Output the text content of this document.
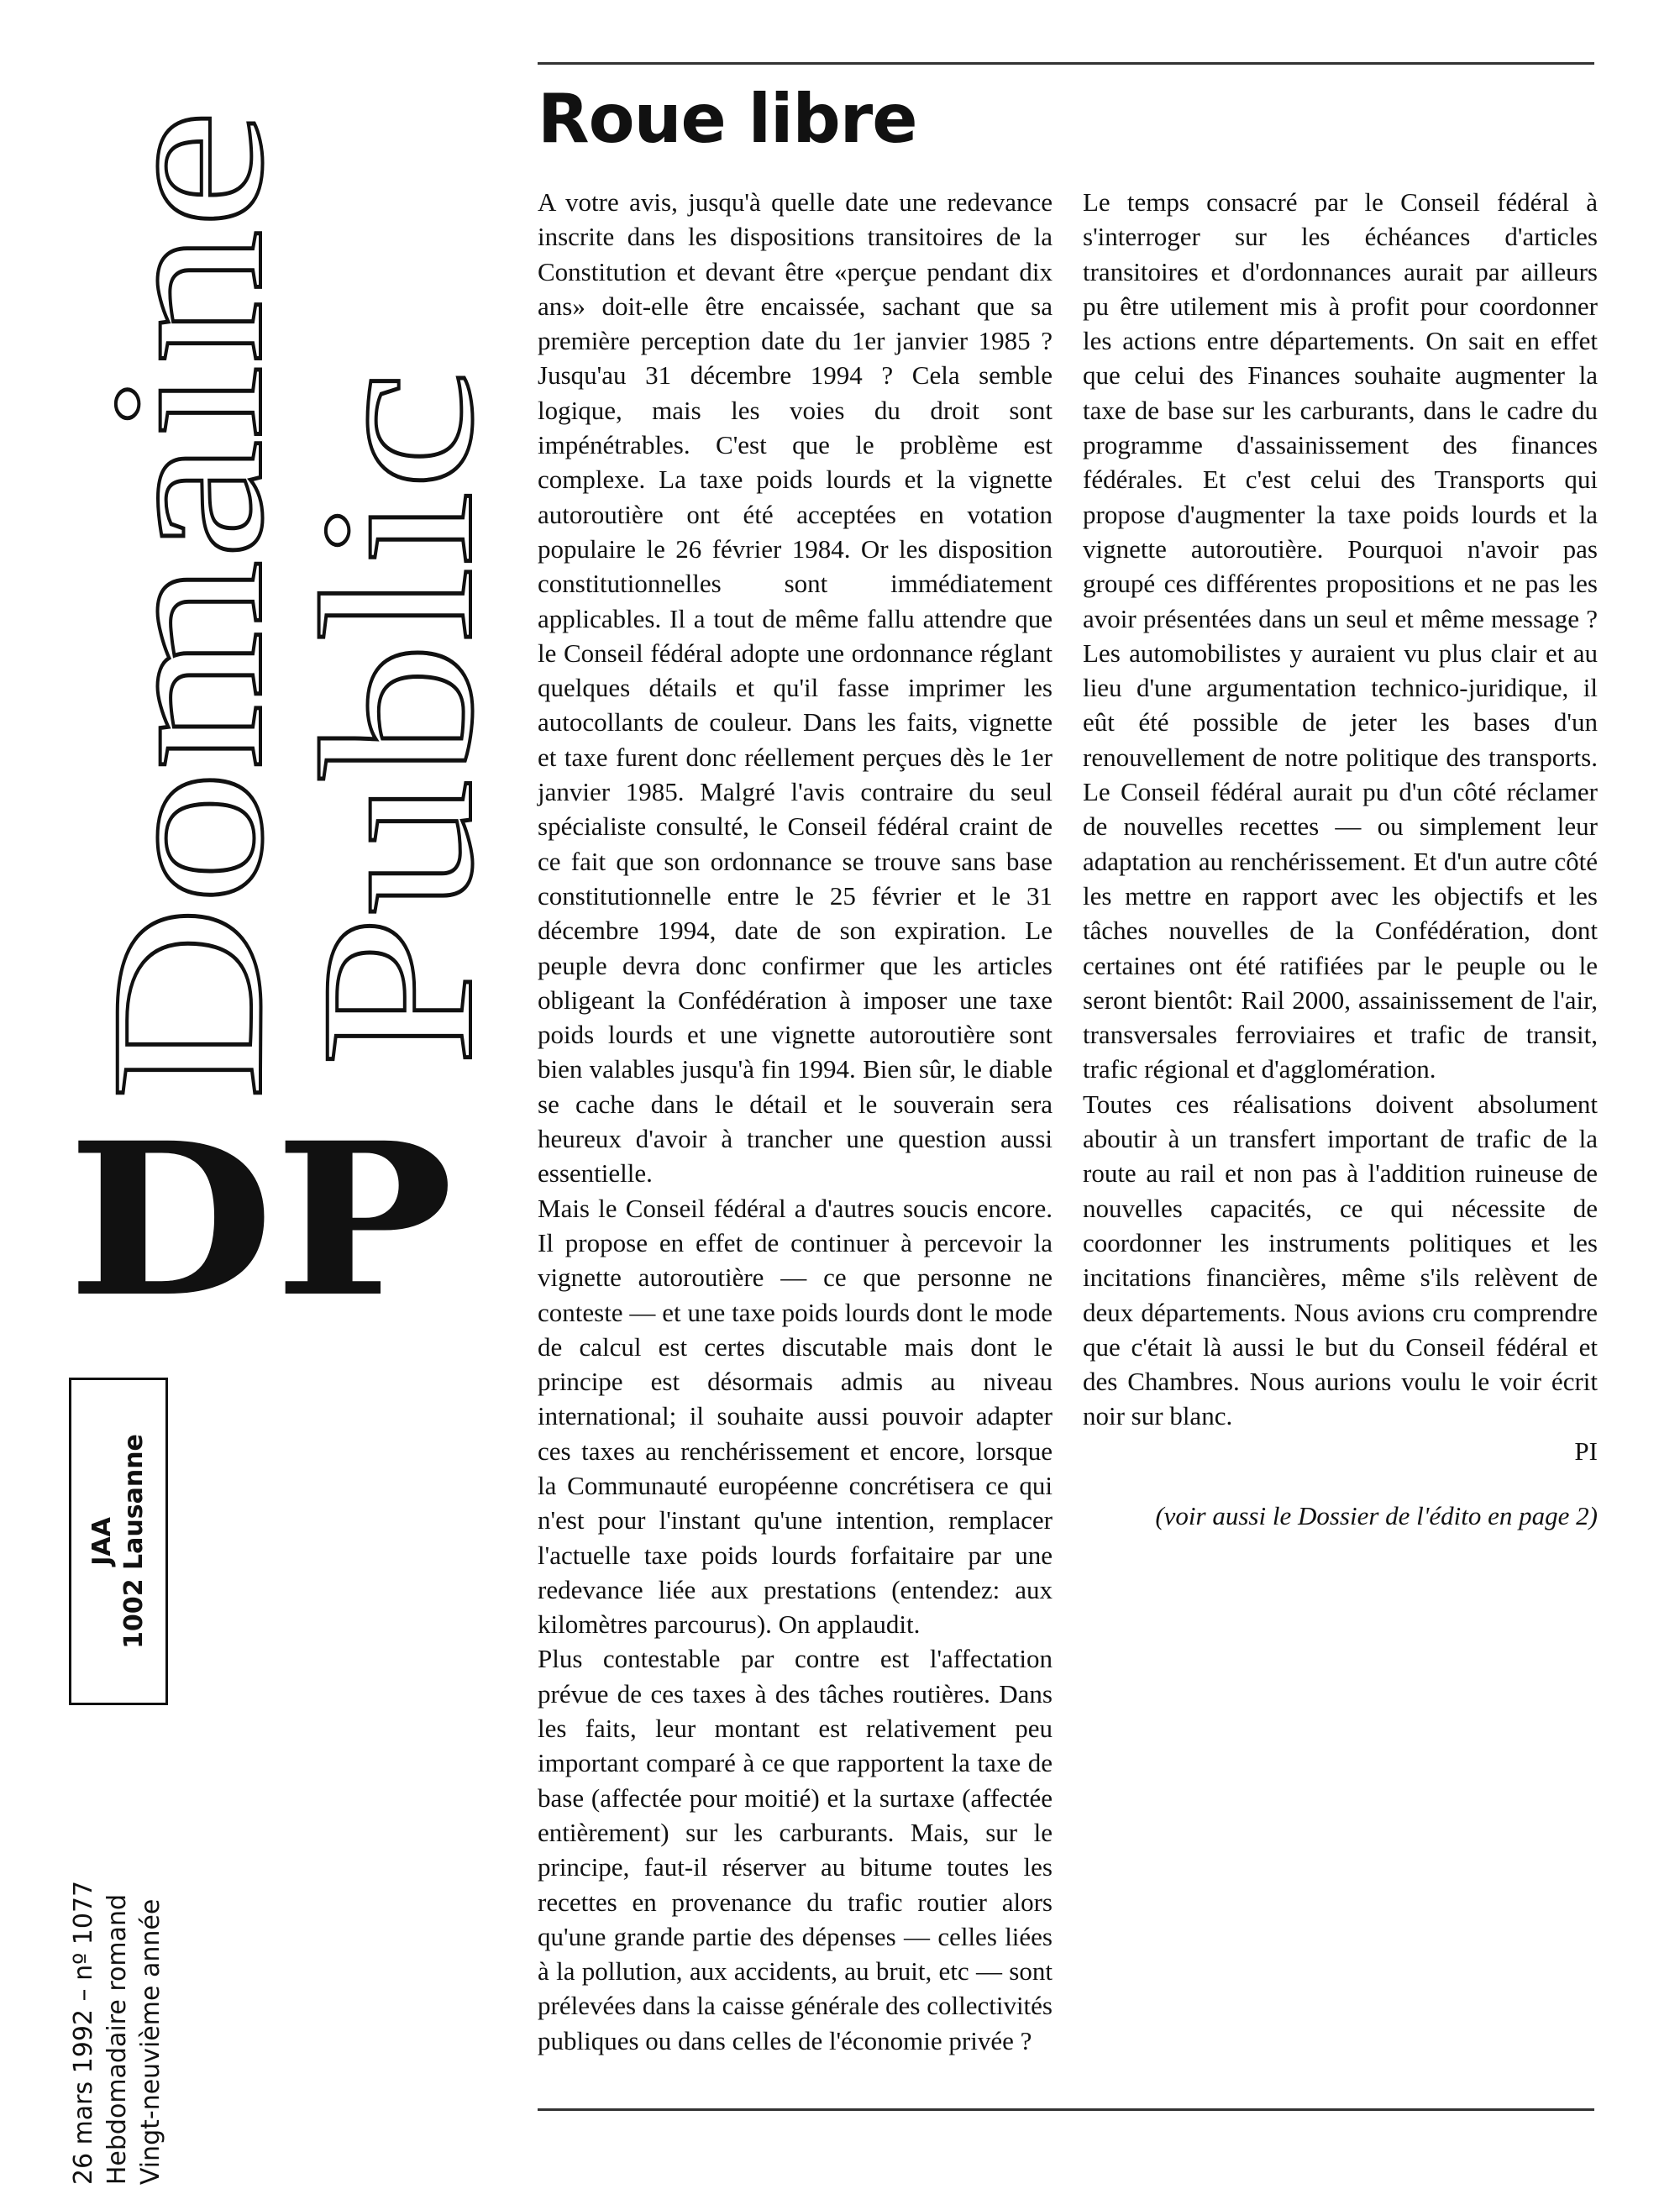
Domaine
Public
DP
JAA 1002 Lausanne
26 mars 1992 – nº 1077 Hebdomadaire romand Vingt-neuvième année
Roue libre

A votre avis, jusqu'à quelle date une redevance inscrite dans les dispositions transitoires de la Constitution et devant être «perçue pendant dix ans» doit-elle être encaissée, sachant que sa première perception date du 1er janvier 1985 ? Jusqu'au 31 décembre 1994 ? Cela semble logique, mais les voies du droit sont impénétrables. C'est que le problème est complexe. La taxe poids lourds et la vignette autoroutière ont été acceptées en votation populaire le 26 février 1984. Or les disposition constitutionnelles sont immédiatement applicables. Il a tout de même fallu attendre que le Conseil fédéral adopte une ordonnance réglant quelques détails et qu'il fasse imprimer les autocollants de couleur. Dans les faits, vignette et taxe furent donc réellement perçues dès le 1er janvier 1985. Malgré l'avis contraire du seul spécialiste consulté, le Conseil fédéral craint de ce fait que son ordonnance se trouve sans base constitutionnelle entre le 25 février et le 31 décembre 1994, date de son expiration. Le peuple devra donc confirmer que les articles obligeant la Confédération à imposer une taxe poids lourds et une vignette autoroutière sont bien valables jusqu'à fin 1994. Bien sûr, le diable se cache dans le détail et le souverain sera heureux d'avoir à trancher une question aussi essentielle.

Mais le Conseil fédéral a d'autres soucis encore. Il propose en effet de continuer à percevoir la vignette autoroutière — ce que personne ne conteste — et une taxe poids lourds dont le mode de calcul est certes discutable mais dont le principe est désormais admis au niveau international; il souhaite aussi pouvoir adapter ces taxes au renchérissement et encore, lorsque la Communauté européenne concrétisera ce qui n'est pour l'instant qu'une intention, remplacer l'actuelle taxe poids lourds forfaitaire par une redevance liée aux prestations (entendez: aux kilomètres parcourus). On applaudit.

Plus contestable par contre est l'affectation prévue de ces taxes à des tâches routières. Dans les faits, leur montant est relativement peu important comparé à ce que rapportent la taxe de base (affectée pour moitié) et la surtaxe (affectée entièrement) sur les carburants. Mais, sur le principe, faut-il réserver au bitume toutes les recettes en provenance du trafic routier alors qu'une grande partie des dépenses — celles liées à la pollution, aux accidents, au bruit, etc — sont prélevées dans la caisse générale des collectivités publiques ou dans celles de l'économie privée ?

Le temps consacré par le Conseil fédéral à s'interroger sur les échéances d'articles transitoires et d'ordonnances aurait par ailleurs pu être utilement mis à profit pour coordonner les actions entre départements. On sait en effet que celui des Finances souhaite augmenter la taxe de base sur les carburants, dans le cadre du programme d'assainissement des finances fédérales. Et c'est celui des Transports qui propose d'augmenter la taxe poids lourds et la vignette autoroutière. Pourquoi n'avoir pas groupé ces différentes propositions et ne pas les avoir présentées dans un seul et même message ? Les automobilistes y auraient vu plus clair et au lieu d'une argumentation technico-juridique, il eût été possible de jeter les bases d'un renouvellement de notre politique des transports. Le Conseil fédéral aurait pu d'un côté réclamer de nouvelles recettes — ou simplement leur adaptation au renchérissement. Et d'un autre côté les mettre en rapport avec les objectifs et les tâches nouvelles de la Confédération, dont certaines ont été ratifiées par le peuple ou le seront bientôt: Rail 2000, assainissement de l'air, transversales ferroviaires et trafic de transit, trafic régional et d'agglomération.

Toutes ces réalisations doivent absolument aboutir à un transfert important de trafic de la route au rail et non pas à l'addition ruineuse de nouvelles capacités, ce qui nécessite de coordonner les instruments politiques et les incitations financières, même s'ils relèvent de deux départements. Nous avions cru comprendre que c'était là aussi le but du Conseil fédéral et des Chambres. Nous aurions voulu le voir écrit noir sur blanc.

PI

(voir aussi le Dossier de l'édito en page 2)
